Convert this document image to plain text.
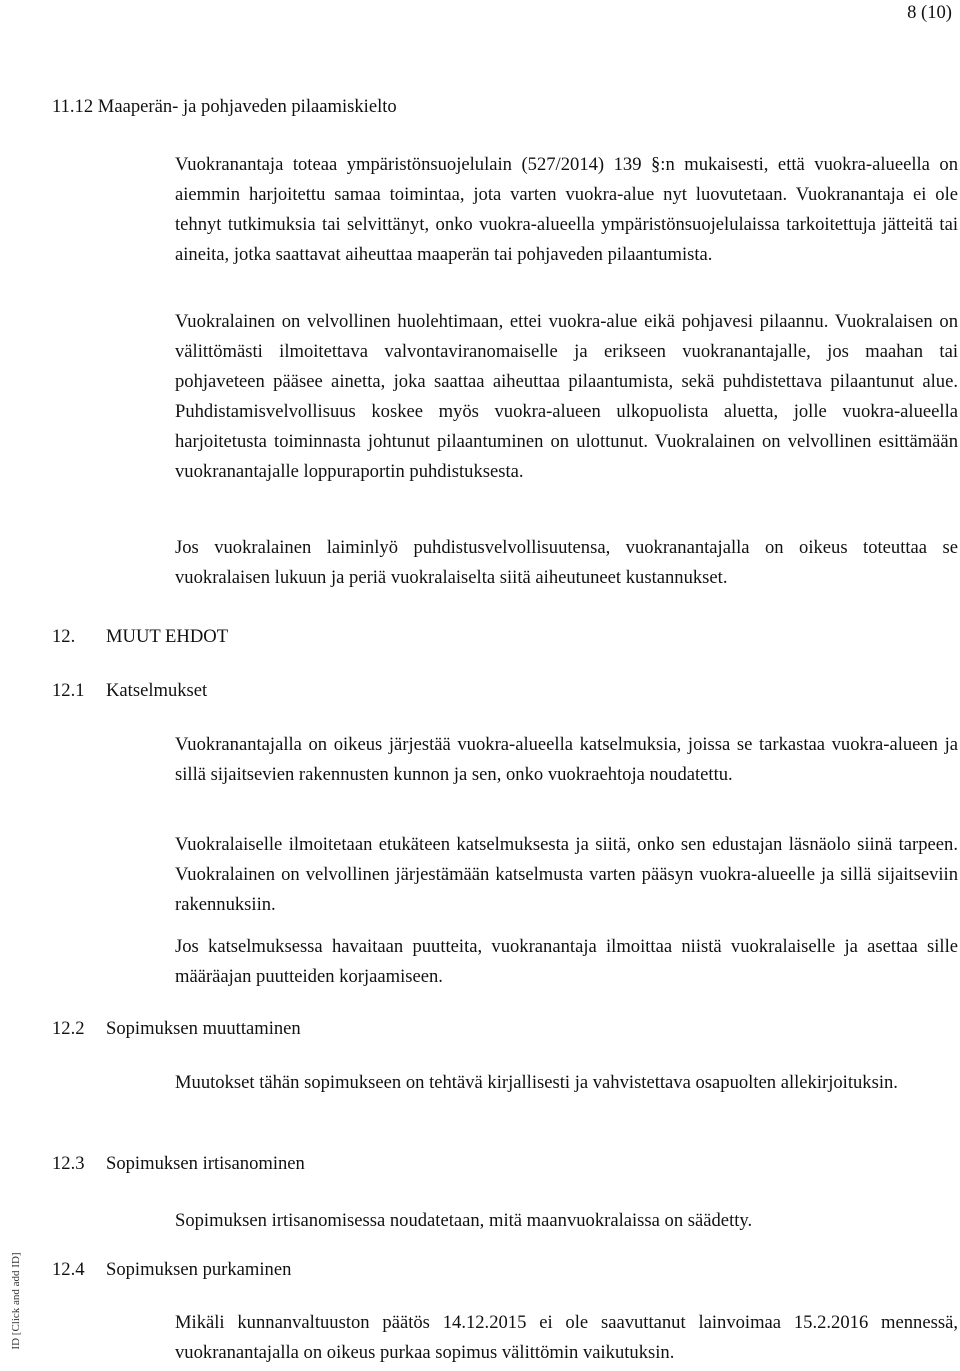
8 (10)
11.12 Maaperän- ja pohjaveden pilaamiskielto
Vuokranantaja toteaa ympäristönsuojelulain (527/2014) 139 §:n mukaisesti, että vuokra-alueella on aiemmin harjoitettu samaa toimintaa, jota varten vuokra-alue nyt luovutetaan. Vuokranantaja ei ole tehnyt tutkimuksia tai selvittänyt, onko vuokra-alueella ympäristönsuojelulaissa tarkoitettuja jätteitä tai aineita, jotka saattavat aiheuttaa maaperän tai pohjaveden pilaantumista.
Vuokralainen on velvollinen huolehtimaan, ettei vuokra-alue eikä pohjavesi pilaannu. Vuokralaisen on välittömästi ilmoitettava valvontaviranomaiselle ja erikseen vuokranantajalle, jos maahan tai pohjaveteen pääsee ainetta, joka saattaa aiheuttaa pilaantumista, sekä puhdistettava pilaantunut alue. Puhdistamisvelvollisuus koskee myös vuokra-alueen ulkopuolista aluetta, jolle vuokra-alueella harjoitetusta toiminnasta johtunut pilaantuminen on ulottunut. Vuokralainen on velvollinen esittämään vuokranantajalle loppuraportin puhdistuksesta.
Jos vuokralainen laiminlyö puhdistusvelvollisuutensa, vuokranantajalla on oikeus toteuttaa se vuokralaisen lukuun ja periä vuokralaiselta siitä aiheutuneet kustannukset.
12. MUUT EHDOT
12.1 Katselmukset
Vuokranantajalla on oikeus järjestää vuokra-alueella katselmuksia, joissa se tarkastaa vuokra-alueen ja sillä sijaitsevien rakennusten kunnon ja sen, onko vuokraehtoja noudatettu.
Vuokralaiselle ilmoitetaan etukäteen katselmuksesta ja siitä, onko sen edustajan läsnäolo siinä tarpeen. Vuokralainen on velvollinen järjestämään katselmusta varten pääsyn vuokra-alueelle ja sillä sijaitseviin rakennuksiin.
Jos katselmuksessa havaitaan puutteita, vuokranantaja ilmoittaa niistä vuokralaiselle ja asettaa sille määräajan puutteiden korjaamiseen.
12.2 Sopimuksen muuttaminen
Muutokset tähän sopimukseen on tehtävä kirjallisesti ja vahvistettava osapuolten allekirjoituksin.
12.3 Sopimuksen irtisanominen
Sopimuksen irtisanomisessa noudatetaan, mitä maanvuokralaissa on säädetty.
12.4 Sopimuksen purkaminen
Mikäli kunnanvaltuuston päätös 14.12.2015 ei ole saavuttanut lainvoimaa 15.2.2016 mennessä, vuokranantajalla on oikeus purkaa sopimus välittömin vaikutuksin.
ID [Click and add ID]
